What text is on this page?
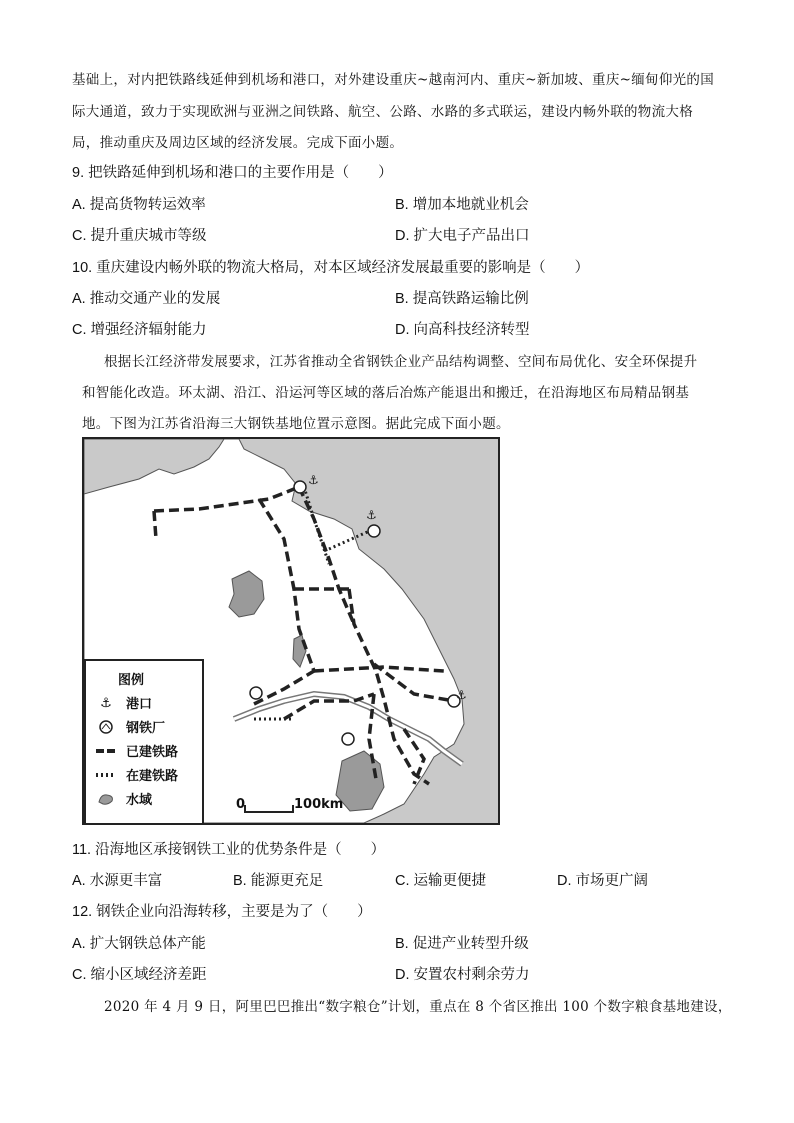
基础上，对内把铁路线延伸到机场和港口，对外建设重庆~越南河内、重庆~新加坡、重庆~缅甸仰光的国
际大通道，致力于实现欧洲与亚洲之间铁路、航空、公路、水路的多式联运，建设内畅外联的物流大格
局，推动重庆及周边区域的经济发展。完成下面小题。
9. 把铁路延伸到机场和港口的主要作用是（　　）
A. 提高货物转运效率	B. 增加本地就业机会
C. 提升重庆城市等级	D. 扩大电子产品出口
10. 重庆建设内畅外联的物流大格局，对本区域经济发展最重要的影响是（　　）
A. 推动交通产业的发展	B. 提高铁路运输比例
C. 增强经济辐射能力	D. 向高科技经济转型
根据长江经济带发展要求，江苏省推动全省钢铁企业产品结构调整、空间布局优化、安全环保提升
和智能化改造。环太湖、沿江、沿运河等区域的落后冶炼产能退出和搬迁，在沿海地区布局精品钢基
地。下图为江苏省沿海三大钢铁基地位置示意图。据此完成下面小题。
⚓
⚓
⚓
图例
⚓	港口
钢铁厂
已建铁路
在建铁路
水域	0	100km
11. 沿海地区承接钢铁工业的优势条件是（　　）
A. 水源更丰富	B. 能源更充足	C. 运输更便捷	D. 市场更广阔
12. 钢铁企业向沿海转移，主要是为了（　　）
A. 扩大钢铁总体产能	B. 促进产业转型升级
C. 缩小区域经济差距	D. 安置农村剩余劳力
2020 年 4 月 9 日，阿里巴巴推出“数字粮仓”计划，重点在 8 个省区推出 100 个数字粮食基地建设，
